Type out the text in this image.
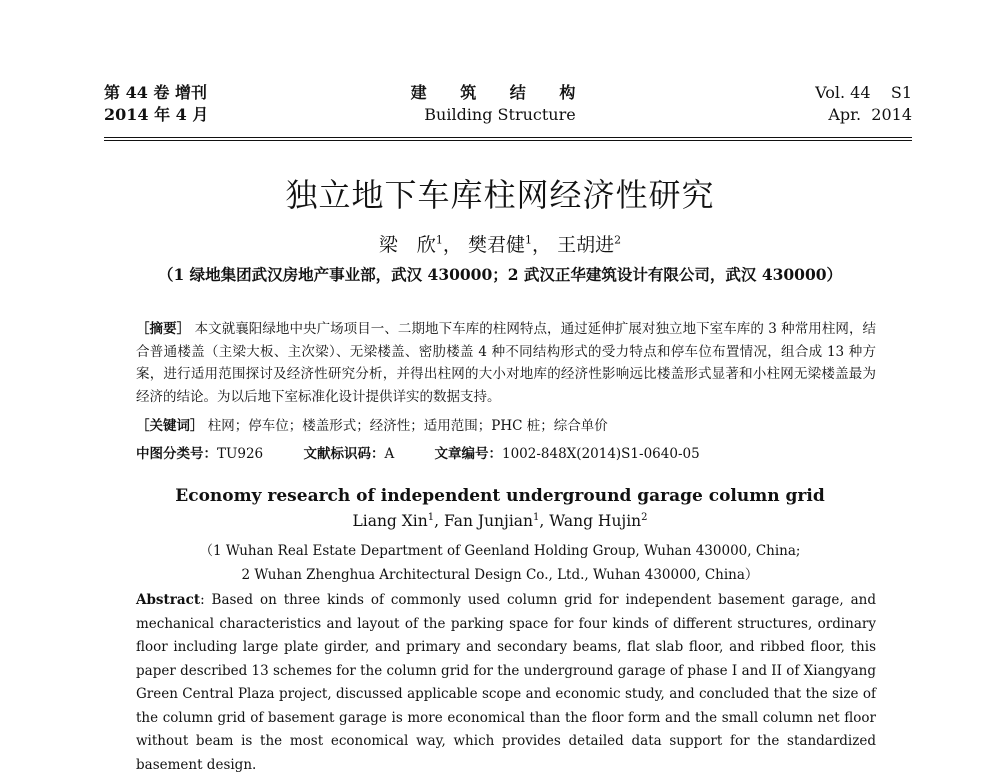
第 44 卷 增刊
2014 年 4 月
建 筑 结 构
Building Structure
Vol. 44    S1
Apr.  2014
独立地下车库柱网经济性研究
梁　欣$^1$， 樊君健$^1$， 王胡进$^2$
（1 绿地集团武汉房地产事业部，武汉 430000；2 武汉正华建筑设计有限公司，武汉 430000）
［摘要］ 本文就襄阳绿地中央广场项目一、二期地下车库的柱网特点，通过延伸扩展对独立地下室车库的 3 种常用柱网，结合普通楼盖（主梁大板、主次梁）、无梁楼盖、密肋楼盖 4 种不同结构形式的受力特点和停车位布置情况，组合成 13 种方案，进行适用范围探讨及经济性研究分析，并得出柱网的大小对地库的经济性影响远比楼盖形式显著和小柱网无梁楼盖最为经济的结论。为以后地下室标准化设计提供详实的数据支持。
［关键词］ 柱网；停车位；楼盖形式；经济性；适用范围；PHC 桩；综合单价
中图分类号：TU926	文献标识码：A	文章编号：1002-848X(2014)S1-0640-05
Economy research of independent underground garage column grid
Liang Xin$^1$, Fan Junjian$^1$, Wang Hujin$^2$
（1 Wuhan Real Estate Department of Geenland Holding Group, Wuhan 430000, China;
2 Wuhan Zhenghua Architectural Design Co., Ltd., Wuhan 430000, China）
Abstract: Based on three kinds of commonly used column grid for independent basement garage, and mechanical characteristics and layout of the parking space for four kinds of different structures, ordinary floor including large plate girder, and primary and secondary beams, flat slab floor, and ribbed floor, this paper described 13 schemes for the column grid for the underground garage of phase I and II of Xiangyang Green Central Plaza project, discussed applicable scope and economic study, and concluded that the size of the column grid of basement garage is more economical than the floor form and the small column net floor without beam is the most economical way, which provides detailed data support for the standardized basement design.
